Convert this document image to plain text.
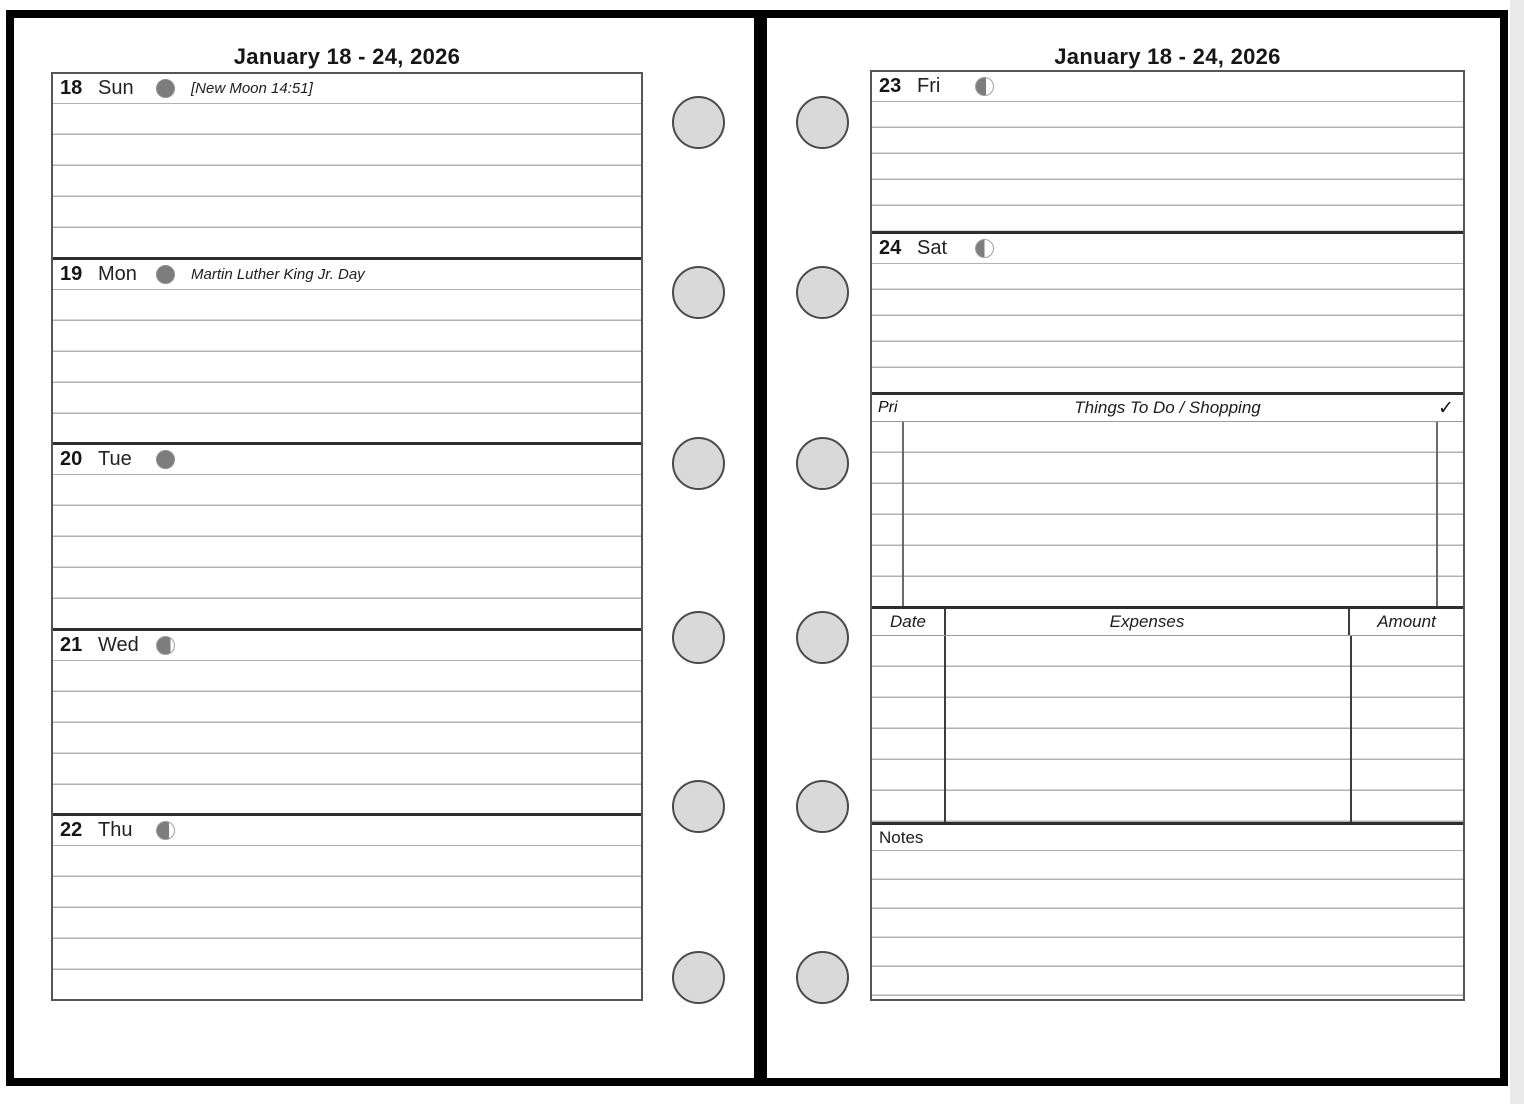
January 18 - 24, 2026
18 Sun	[New Moon 14:51]
19 Mon	Martin Luther King Jr. Day
20 Tue
21 Wed
22 Thu
January 18 - 24, 2026
23 Fri
24 Sat
Pri	Things To Do / Shopping	✓
Date	Expenses	Amount
Notes
